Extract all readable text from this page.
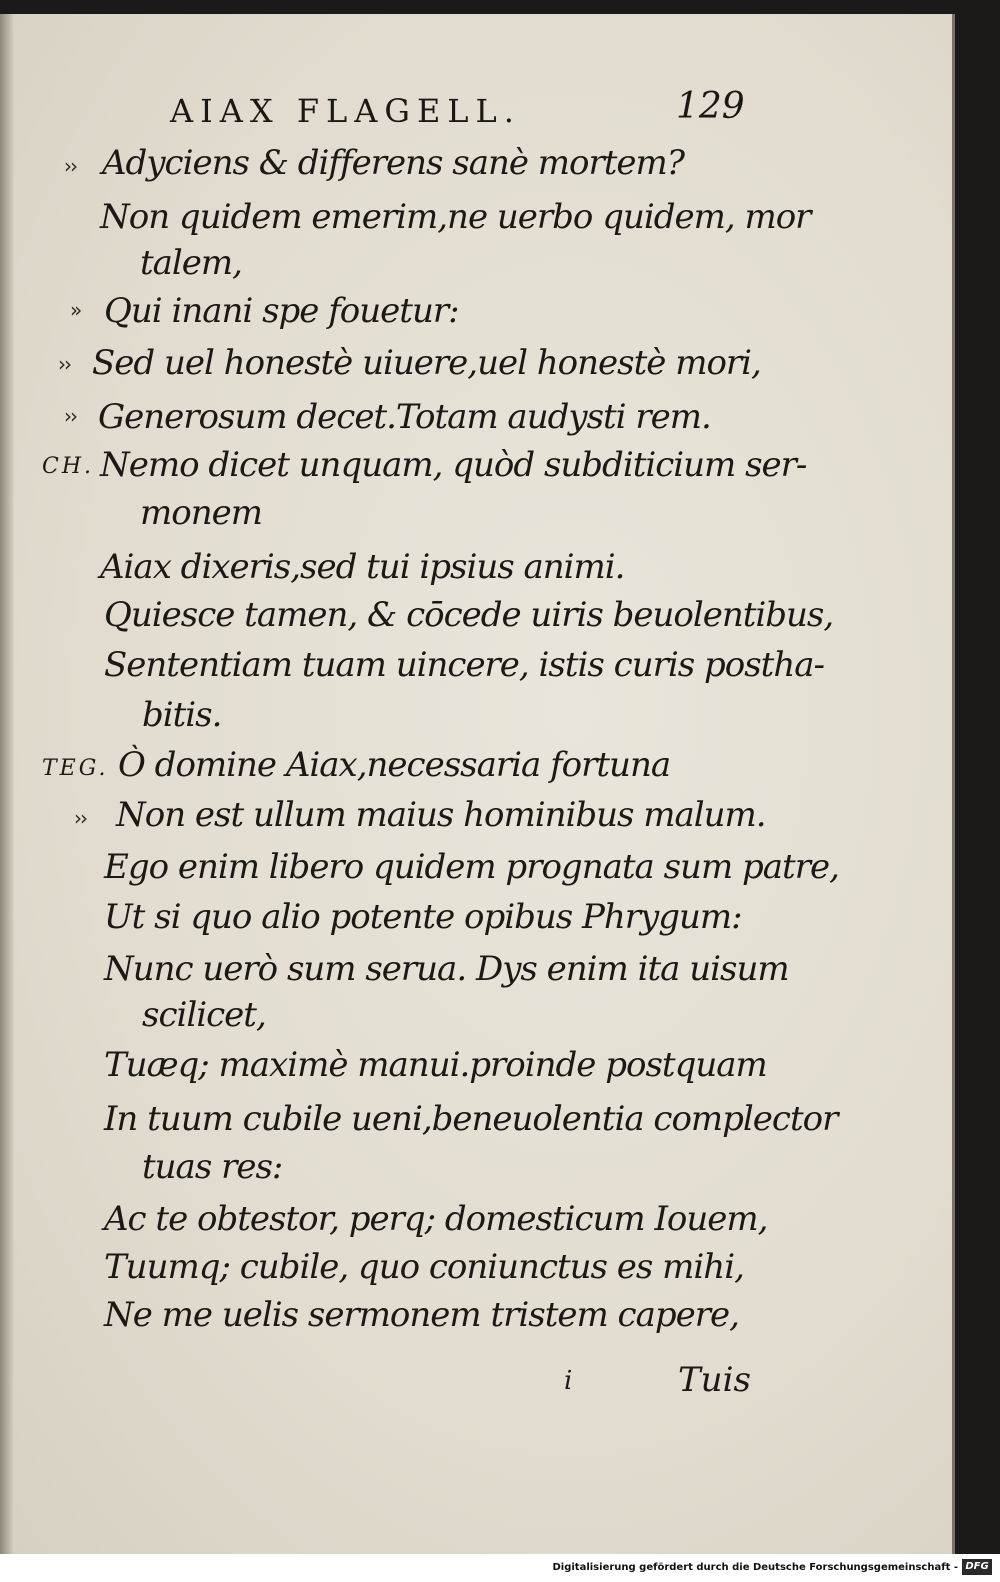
AIAX FLAGELL.	129
››
»
››
››
››
CH.
TEG.
Adyciens & differens sanè mortem?
Non quidem emerim,ne uerbo quidem, mor
talem,
Qui inani spe fouetur:
Sed uel honestè uiuere,uel honestè mori,
Generosum decet.Totam audysti rem.
Nemo dicet unquam, quòd subditicium ser-
monem
Aiax dixeris,sed tui ipsius animi.
Quiesce tamen, & cōcede uiris beuolentibus,
Sententiam tuam uincere, istis curis postha-
bitis.
Ò domine Aiax,necessaria fortuna
Non est ullum maius hominibus malum.
Ego enim libero quidem prognata sum patre,
Ut si quo alio potente opibus Phrygum:
Nunc uerò sum serua. Dys enim ita uisum
scilicet,
Tuæq; maximè manui.proinde postquam
In tuum cubile ueni,beneuolentia complector
tuas res:
Ac te obtestor, perq; domesticum Iouem,
Tuumq; cubile, quo coniunctus es mihi,
Ne me uelis sermonem tristem capere,
i	Tuis
Digitalisierung gefördert durch die Deutsche Forschungsgemeinschaft - DFG
